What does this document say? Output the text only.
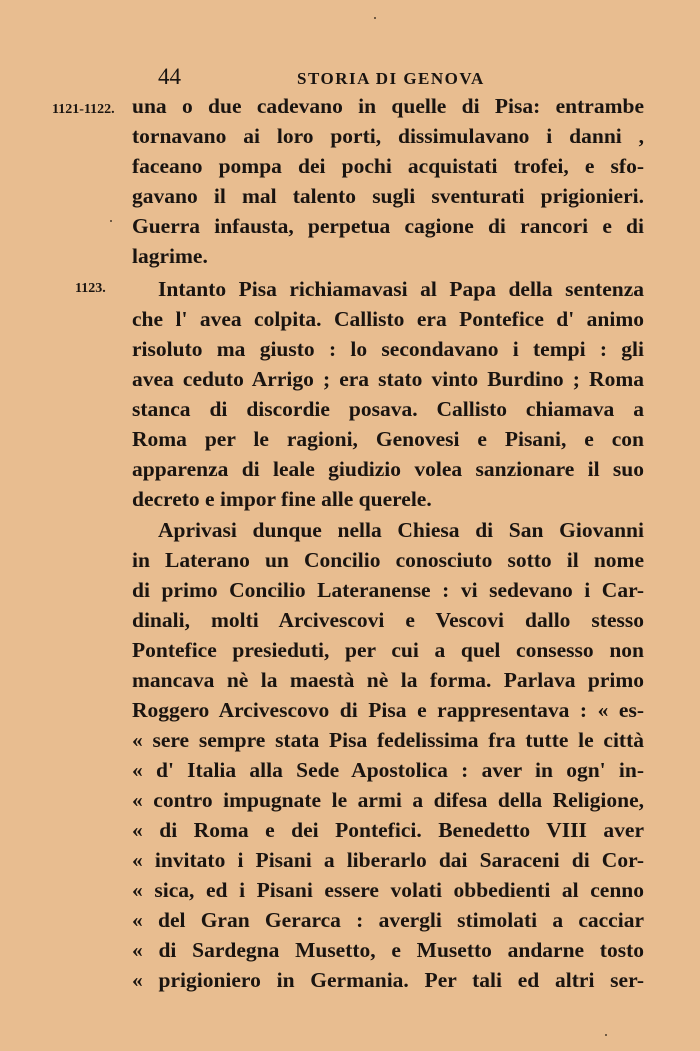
44	STORIA DI GENOVA
1121-1122.
1123.
una o due cadevano in quelle di Pisa: entrambe
tornavano ai loro porti, dissimulavano i danni ,
faceano pompa dei pochi acquistati trofei, e sfo-
gavano il mal talento sugli sventurati prigionieri.
Guerra infausta, perpetua cagione di rancori e di
lagrime.
Intanto Pisa richiamavasi al Papa della sentenza
che l' avea colpita. Callisto era Pontefice d' animo
risoluto ma giusto : lo secondavano i tempi : gli
avea ceduto Arrigo ; era stato vinto Burdino ; Roma
stanca di discordie posava. Callisto chiamava a
Roma per le ragioni, Genovesi e Pisani, e con
apparenza di leale giudizio volea sanzionare il suo
decreto e impor fine alle querele.
Aprivasi dunque nella Chiesa di San Giovanni
in Laterano un Concilio conosciuto sotto il nome
di primo Concilio Lateranense : vi sedevano i Car-
dinali, molti Arcivescovi e Vescovi dallo stesso
Pontefice presieduti, per cui a quel consesso non
mancava nè la maestà nè la forma. Parlava primo
Roggero Arcivescovo di Pisa e rappresentava : « es-
« sere sempre stata Pisa fedelissima fra tutte le città
« d' Italia alla Sede Apostolica : aver in ogn' in-
« contro impugnate le armi a difesa della Religione,
« di Roma e dei Pontefici. Benedetto VIII aver
« invitato i Pisani a liberarlo dai Saraceni di Cor-
« sica, ed i Pisani essere volati obbedienti al cenno
« del Gran Gerarca : avergli stimolati a cacciar
« di Sardegna Musetto, e Musetto andarne tosto
« prigioniero in Germania. Per tali ed altri ser-
